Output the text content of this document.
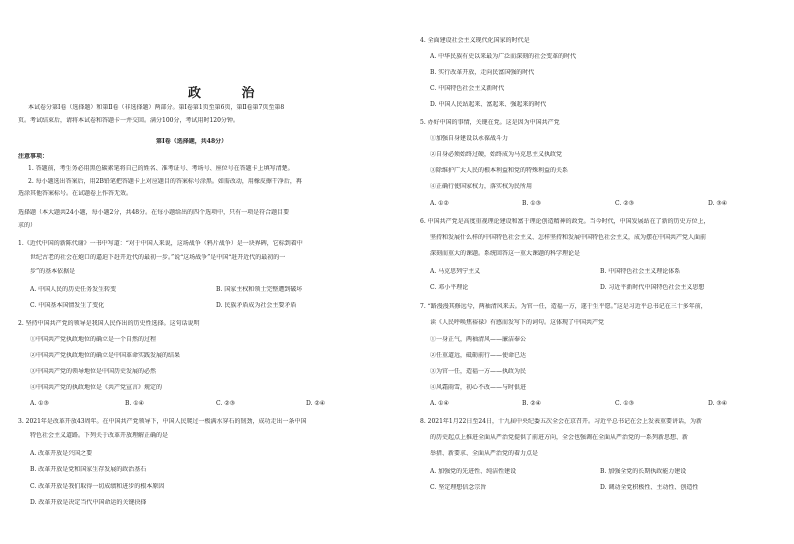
政 治
本试卷分第Ⅰ卷（选择题）和第Ⅱ卷（非选择题）两部分。第Ⅰ卷第1页至第6页，第Ⅱ卷第7页至第8
页。考试结束后，请将本试卷和答题卡一并交回。满分100分，考试用时120分钟。
第Ⅰ卷（选择题，共48分）
注意事项：
1. 答题前，考生务必用黑色碳素笔将自己的姓名、准考证号、考场号、座位号在答题卡上填写清楚。
2. 每小题选出答案后，用2B铅笔把答题卡上对应题目的答案标号涂黑。如需改动，用橡皮擦干净后，再
选涂其他答案标号。在试题卷上作答无效。
选择题（本大题共24小题，每小题2分，共48分。在每小题给出的四个选项中，只有一项是符合题目要
求的）
1.《近代中国的新陈代谢》一书中写道：“对于中国人来说，这场战争（鸦片战争）是一块界碑，它标到着中
世纪古老的社会在炮口的逼迫下赶开近代的最初一步。”说“这场战争”是中国“赶开近代的最初的一
步”的基本依据是
A. 中国人民的历史任务发生转变	B. 国家主权和领土完整遭到破坏
C. 中国基本国情发生了变化	D. 民族矛盾成为社会主要矛盾
2. 坚持中国共产党的领导是我国人民作出的历史性选择。这句话说明
①中国共产党执政地位的确立是一个自然的过程
②中国共产党执政地位的确立是中国革命实践发展的结果
③中国共产党的领导地位是中国历史发展的必然
④中国共产党的执政地位是《共产党宣言》规定的
A. ①③	B. ①④	C. ②③	D. ②④
3. 2021年是改革开放43周年。在中国共产党领导下，中国人民爬过一极满水穿石的韧劲，成功走出一条中国
特色社会主义道路。下列关于改革开放理解正确的是
A. 改革开放是兴国之要
B. 改革开放是党和国家生存发展的政治基石
C. 改革开放是我们取得一切成绩和进步的根本原因
D. 改革开放是决定当代中国命运的关键抉择
4. 全面建设社会主义现代化国家的时代是
A. 中华民族有史以来最为广泛而深刻的社会变革的时代
B. 实行改革开放，走向民富国强的时代
C. 中国特色社会主义新时代
D. 中国人民站起来、富起来、强起来的时代
5. 办好中国的事情，关键在党。这是因为中国共产党
①加强自身建设以永葆战斗力
②自身必须始终过硬，始终成为马克思主义执政党
③除维护广大人民的根本利益和党的特殊利益的关系
④正确行使国家权力，落实权为民所用
A. ①②	B. ①③	C. ②③	D. ③④
6. 中国共产党是高度重视理论建设和富于理论创造精神的政党。当今时代，中国发展站在了新的历史方位上，
坚持和发展什么样的中国特色社会主义、怎样坚持和发展中国特色社会主义，成为摆在中国共产党人面前
深刻而重大的课题。系统回答这一重大课题的科学理论是
A. 马克思列宁主义	B. 中国特色社会主义理论体系
C. 邓小平理论	D. 习近平新时代中国特色社会主义思想
7. “路漫漫其修远兮，两袖清风来去。为官一任，造福一方，遂于生平愿。”这是习近平总书记在三十多年前，
读《人民呼唤焦裕禄》有感而发写下的词句。这体现了中国共产党
①一身正气，两袖清风——廉洁奉公
②任重道远，砥砺前行——使命已达
③为官一任，造福一方——执政为民
④风霜雨雪，初心不改——与时俱进
A. ①④	B. ②④	C. ①③	D. ③④
8. 2021年1月22日至24日，十九届中央纪委五次全会在京召开。习近平总书记在会上发表重要讲话，为新
的历史起点上推进全面从严治党提供了前进方向，全会也强调在全面从严治党的一系列新思想、新
举措、新要求、全面从严治党的着力点是
A. 加强党的先进性、纯洁性建设	B. 加强全党的长期执政能力建设
C. 坚定理想信念宗旨	D. 调动全党积极性、主动性、创造性
